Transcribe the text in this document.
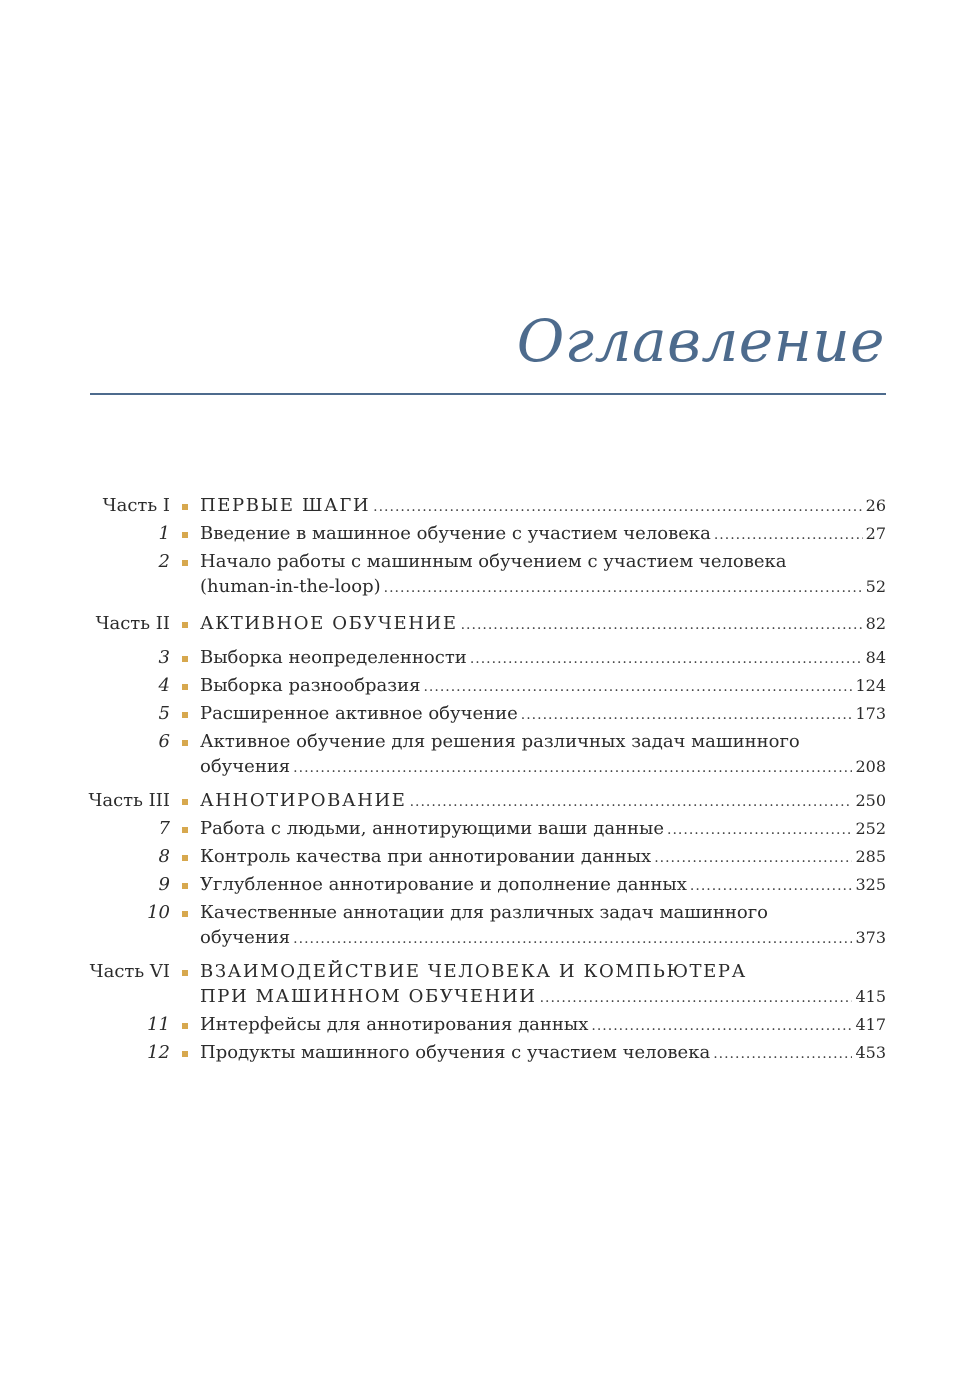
Оглавление
Часть I ПЕРВЫЕ ШАГИ .....	26
1 Введение в машинное обучение с участием человека .....	27
2 Начало работы с машинным обучением с участием человека
(human-in-the-loop) .....	52
Часть II АКТИВНОЕ ОБУЧЕНИЕ .....	82
3 Выборка неопределенности .....	84
4 Выборка разнообразия .....	124
5 Расширенное активное обучение .....	173
6 Активное обучение для решения различных задач машинного
обучения .....	208
Часть III АННОТИРОВАНИЕ .....	250
7 Работа с людьми, аннотирующими ваши данные .....	252
8 Контроль качества при аннотировании данных .....	285
9 Углубленное аннотирование и дополнение данных .....	325
10 Качественные аннотации для различных задач машинного
обучения .....	373
Часть VI ВЗАИМОДЕЙСТВИЕ ЧЕЛОВЕКА И КОМПЬЮТЕРА
ПРИ МАШИННОМ ОБУЧЕНИИ .....	415
11 Интерфейсы для аннотирования данных .....	417
12 Продукты машинного обучения с участием человека .....	453
